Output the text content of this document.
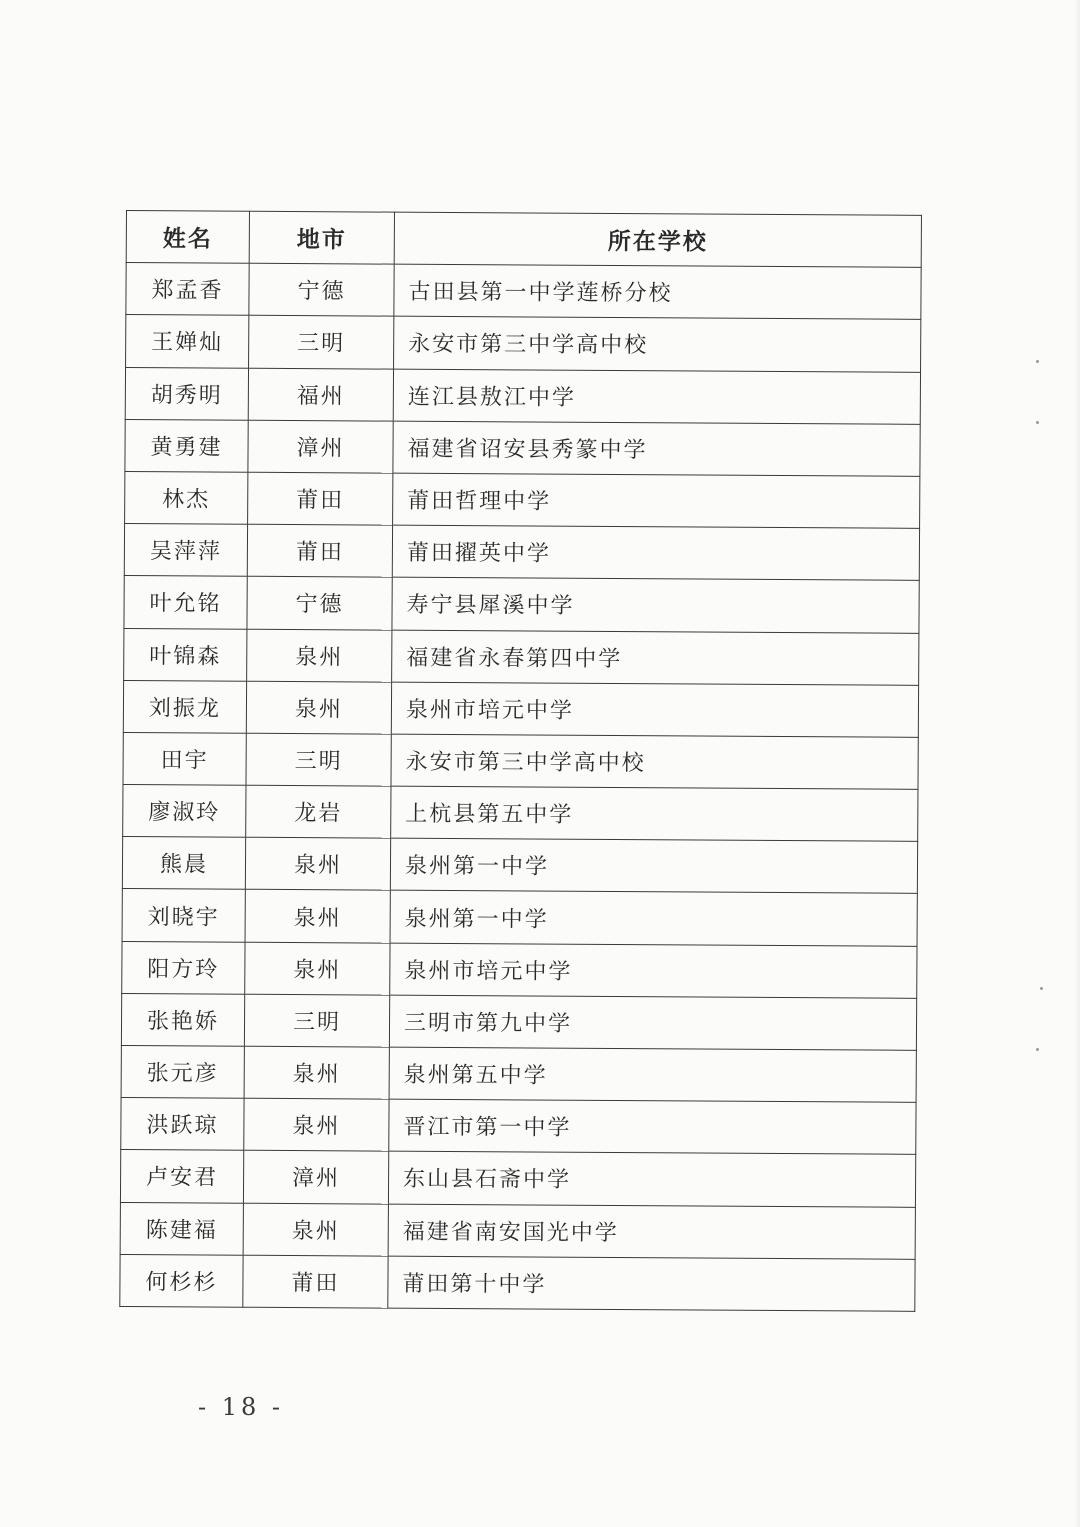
姓名	地市	所在学校
郑孟香	宁德	古田县第一中学莲桥分校
王婵灿	三明	永安市第三中学高中校
胡秀明	福州	连江县敖江中学
黄勇建	漳州	福建省诏安县秀篆中学
林杰	莆田	莆田哲理中学
吴萍萍	莆田	莆田擢英中学
叶允铭	宁德	寿宁县犀溪中学
叶锦森	泉州	福建省永春第四中学
刘振龙	泉州	泉州市培元中学
田宇	三明	永安市第三中学高中校
廖淑玲	龙岩	上杭县第五中学
熊晨	泉州	泉州第一中学
刘晓宇	泉州	泉州第一中学
阳方玲	泉州	泉州市培元中学
张艳娇	三明	三明市第九中学
张元彦	泉州	泉州第五中学
洪跃琼	泉州	晋江市第一中学
卢安君	漳州	东山县石斋中学
陈建福	泉州	福建省南安国光中学
何杉杉	莆田	莆田第十中学
- 18 -
